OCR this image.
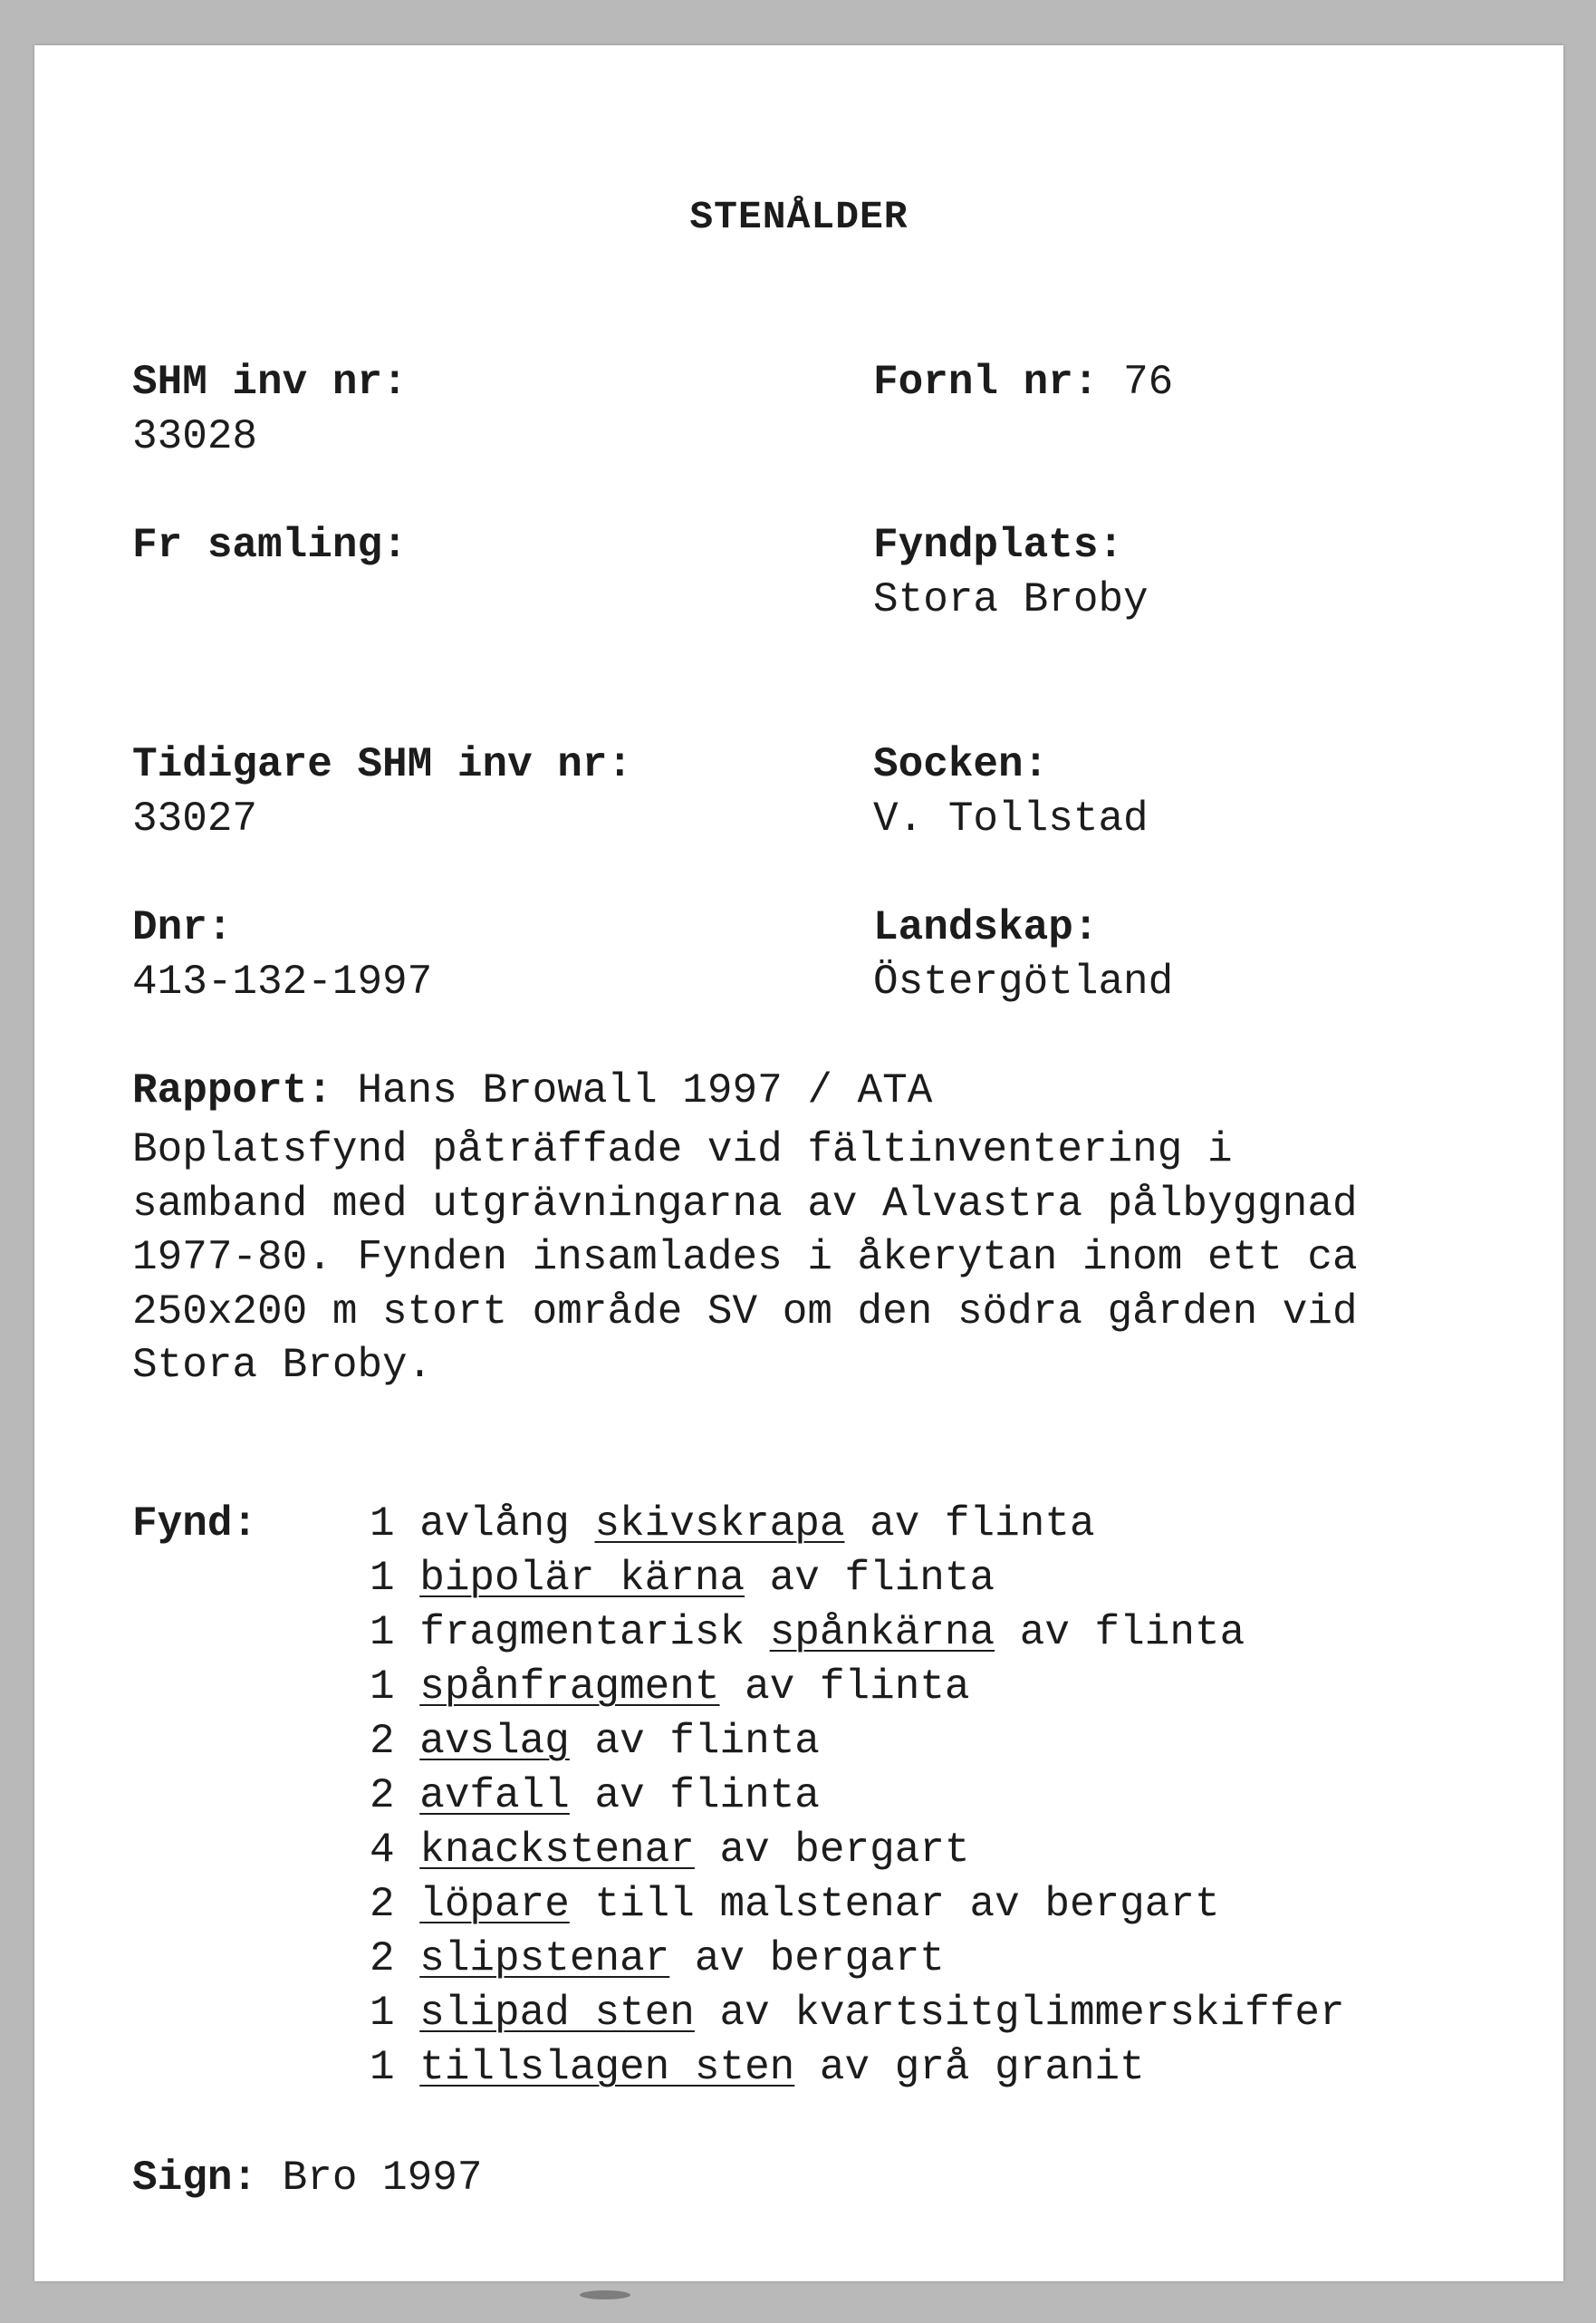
STENÅLDER
SHM inv nr:
33028
Fr samling:
Tidigare SHM inv nr:
33027
Dnr:
413-132-1997
Fornl nr: 76
Fyndplats:
Stora Broby
Socken:
V. Tollstad
Landskap:
Östergötland
Rapport: Hans Browall 1997 / ATA
Boplatsfynd påträffade vid fältinventering i
samband med utgrävningarna av Alvastra pålbyggnad
1977-80. Fynden insamlades i åkerytan inom ett ca
250x200 m stort område SV om den södra gården vid
Stora Broby.
Fynd:	1 avlång skivskrapa av flinta
1 bipolär kärna av flinta
1 fragmentarisk spånkärna av flinta
1 spånfragment av flinta
2 avslag av flinta
2 avfall av flinta
4 knackstenar av bergart
2 löpare till malstenar av bergart
2 slipstenar av bergart
1 slipad sten av kvartsitglimmerskiffer
1 tillslagen sten av grå granit
Sign: Bro 1997
